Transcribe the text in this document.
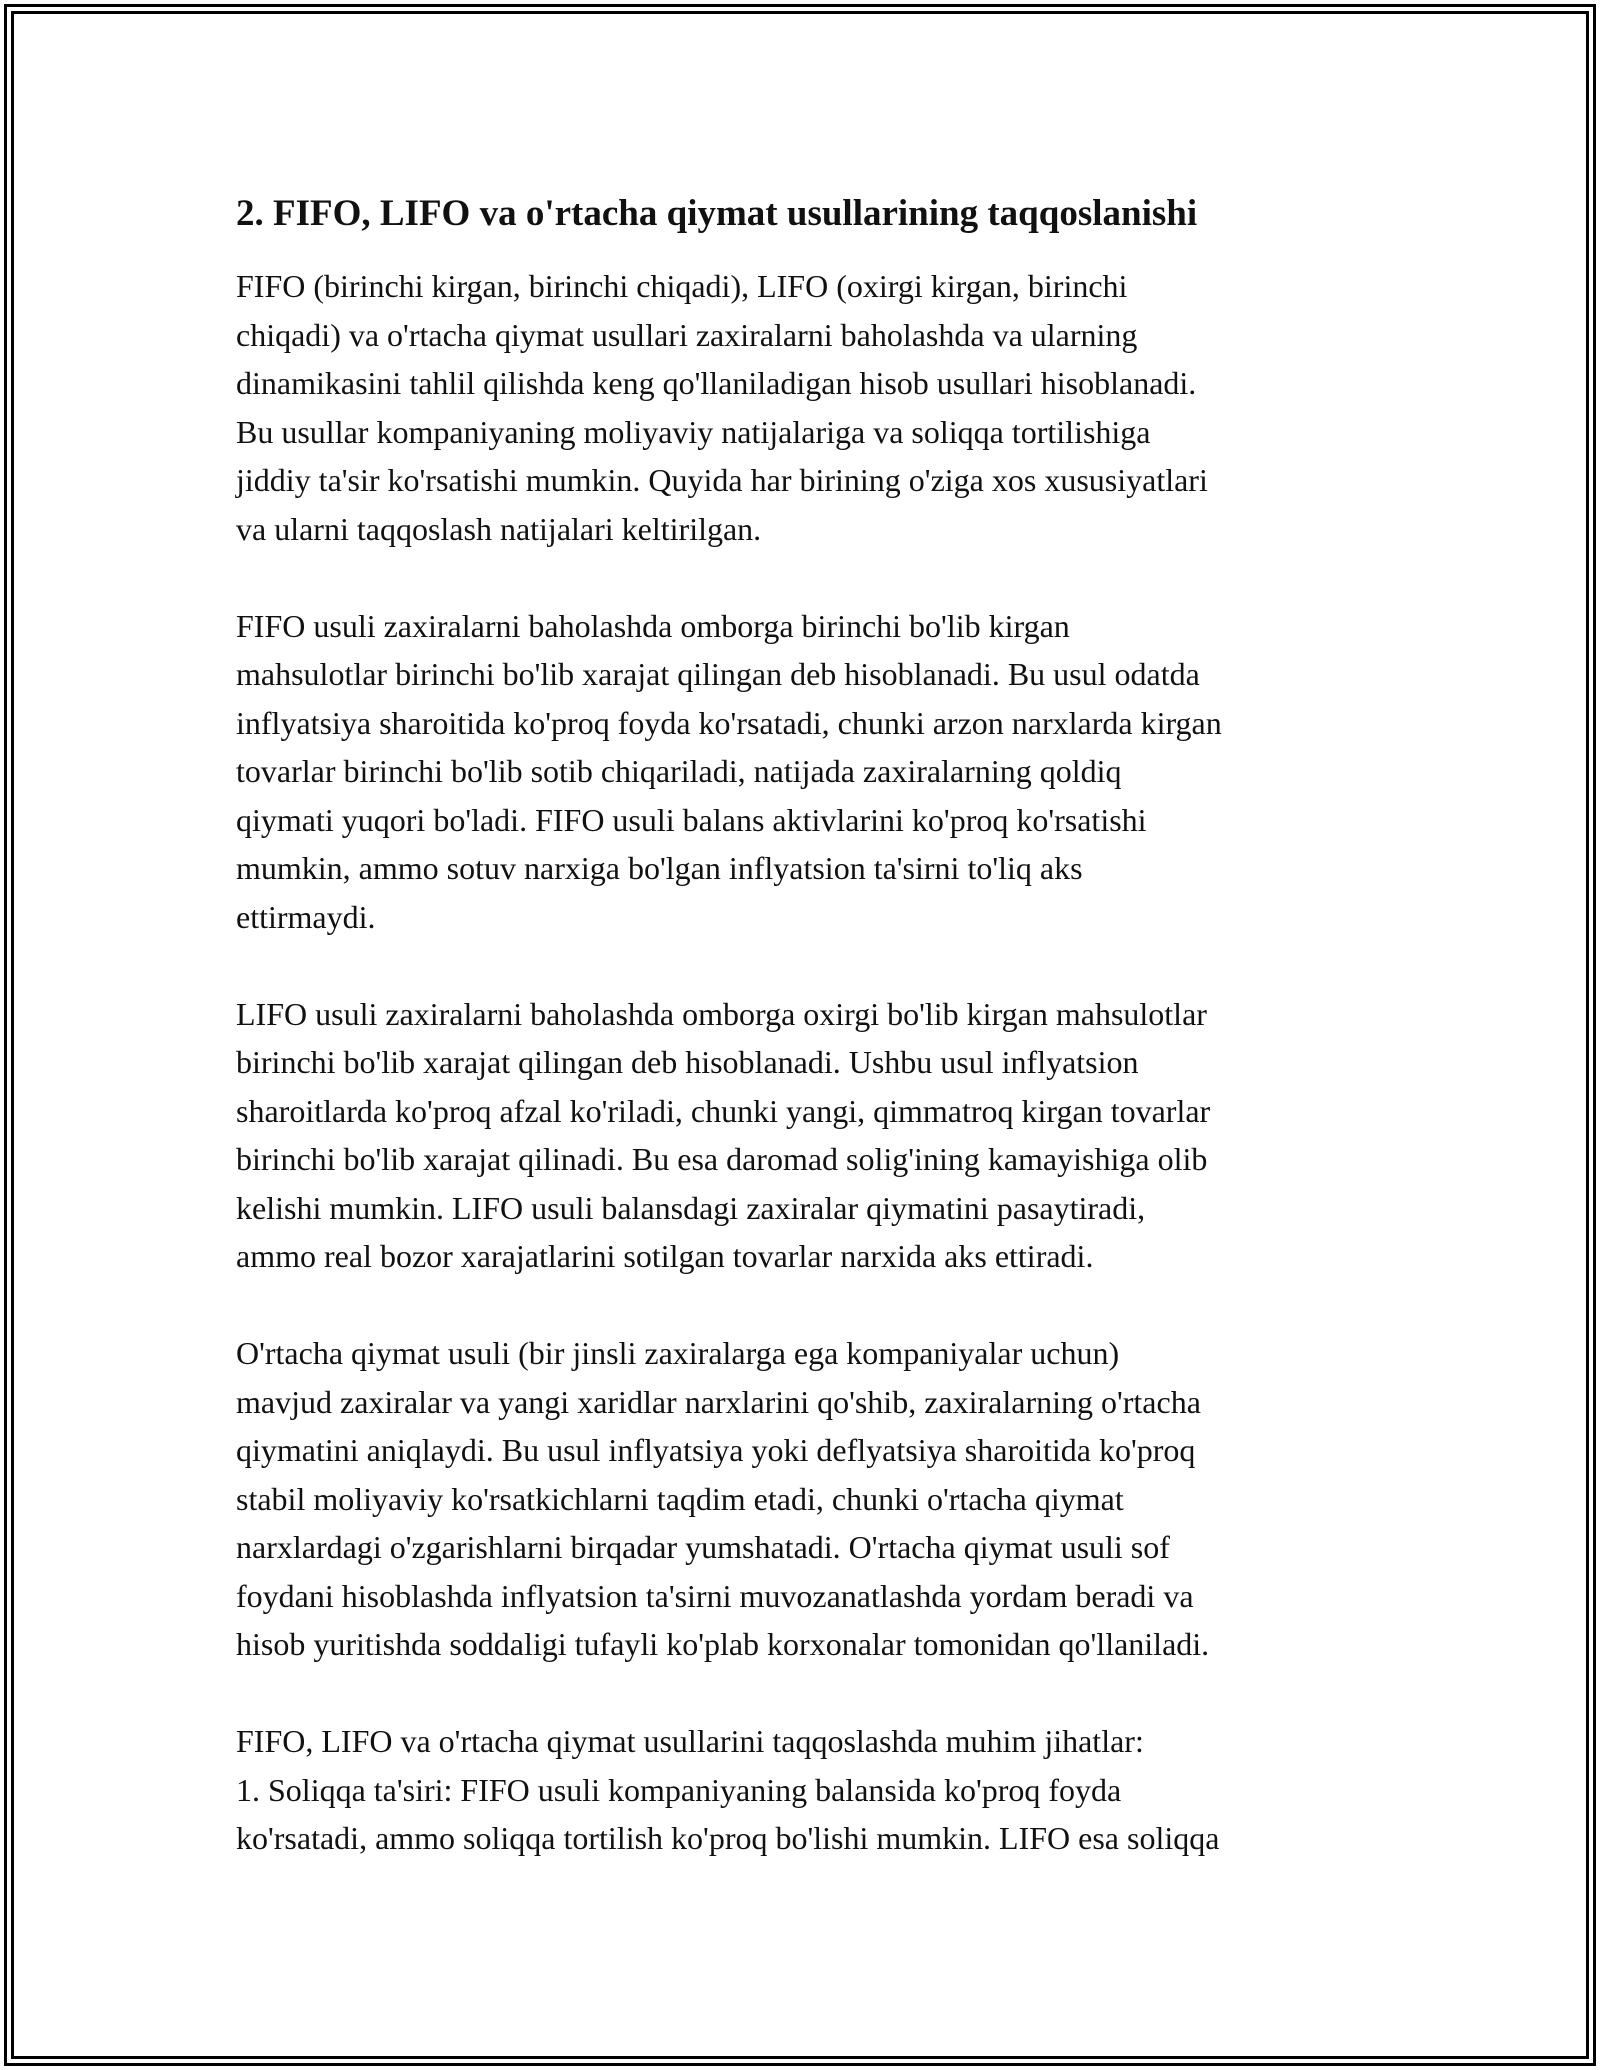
2. FIFO, LIFO va o'rtacha qiymat usullarining taqqoslanishi

FIFO (birinchi kirgan, birinchi chiqadi), LIFO (oxirgi kirgan, birinchi
chiqadi) va o'rtacha qiymat usullari zaxiralarni baholashda va ularning
dinamikasini tahlil qilishda keng qo'llaniladigan hisob usullari hisoblanadi.
Bu usullar kompaniyaning moliyaviy natijalariga va soliqqa tortilishiga
jiddiy ta'sir ko'rsatishi mumkin. Quyida har birining o'ziga xos xususiyatlari
va ularni taqqoslash natijalari keltirilgan.

FIFO usuli zaxiralarni baholashda omborga birinchi bo'lib kirgan
mahsulotlar birinchi bo'lib xarajat qilingan deb hisoblanadi. Bu usul odatda
inflyatsiya sharoitida ko'proq foyda ko'rsatadi, chunki arzon narxlarda kirgan
tovarlar birinchi bo'lib sotib chiqariladi, natijada zaxiralarning qoldiq
qiymati yuqori bo'ladi. FIFO usuli balans aktivlarini ko'proq ko'rsatishi
mumkin, ammo sotuv narxiga bo'lgan inflyatsion ta'sirni to'liq aks
ettirmaydi.

LIFO usuli zaxiralarni baholashda omborga oxirgi bo'lib kirgan mahsulotlar
birinchi bo'lib xarajat qilingan deb hisoblanadi. Ushbu usul inflyatsion
sharoitlarda ko'proq afzal ko'riladi, chunki yangi, qimmatroq kirgan tovarlar
birinchi bo'lib xarajat qilinadi. Bu esa daromad solig'ining kamayishiga olib
kelishi mumkin. LIFO usuli balansdagi zaxiralar qiymatini pasaytiradi,
ammo real bozor xarajatlarini sotilgan tovarlar narxida aks ettiradi.

O'rtacha qiymat usuli (bir jinsli zaxiralarga ega kompaniyalar uchun)
mavjud zaxiralar va yangi xaridlar narxlarini qo'shib, zaxiralarning o'rtacha
qiymatini aniqlaydi. Bu usul inflyatsiya yoki deflyatsiya sharoitida ko'proq
stabil moliyaviy ko'rsatkichlarni taqdim etadi, chunki o'rtacha qiymat
narxlardagi o'zgarishlarni birqadar yumshatadi. O'rtacha qiymat usuli sof
foydani hisoblashda inflyatsion ta'sirni muvozanatlashda yordam beradi va
hisob yuritishda soddaligi tufayli ko'plab korxonalar tomonidan qo'llaniladi.

FIFO, LIFO va o'rtacha qiymat usullarini taqqoslashda muhim jihatlar:
1. Soliqqa ta'siri: FIFO usuli kompaniyaning balansida ko'proq foyda
ko'rsatadi, ammo soliqqa tortilish ko'proq bo'lishi mumkin. LIFO esa soliqqa
